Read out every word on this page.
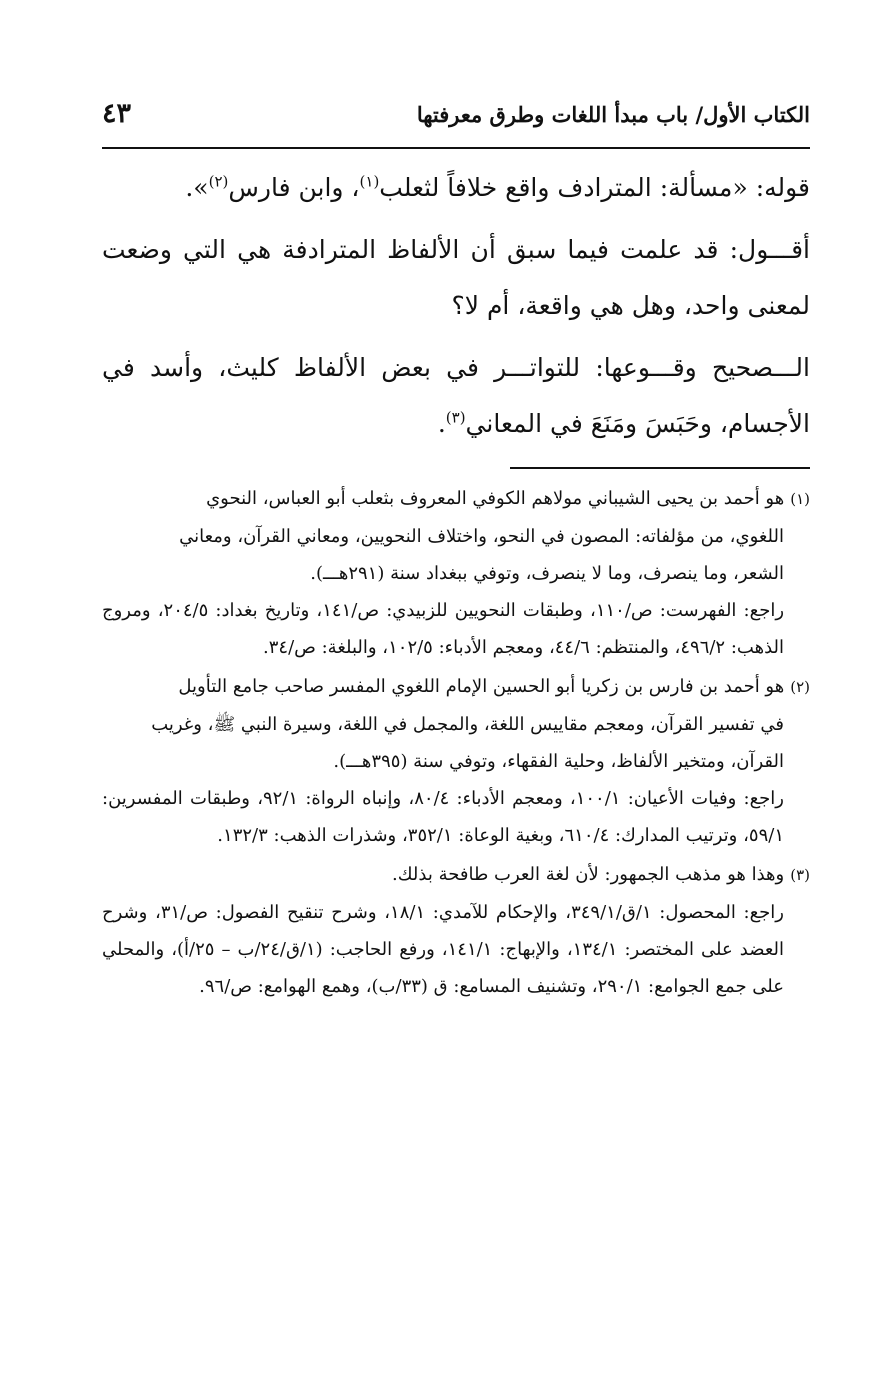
الكتاب الأول/ باب مبدأ اللغات وطرق معرفتها
٤٣

قوله: «مسألة: المترادف واقع خلافاً لثعلب$^{(١)}$، وابن فارس$^{(٢)}$».

أقـــول: قد علمت فيما سبق أن الألفاظ المترادفة هي التي وضعت لمعنى واحد، وهل هي واقعة، أم لا؟

الـــصحيح وقـــوعها: للتواتـــر في بعض الألفاظ كليث، وأسد في الأجسام، وحَبَسَ ومَنَعَ في المعاني$^{(٣)}$.

(١)هو أحمد بن يحيى الشيباني مولاهم الكوفي المعروف بثعلب أبو العباس، النحوي
اللغوي، من مؤلفاته: المصون في النحو، واختلاف النحويين، ومعاني القرآن، ومعاني
الشعر، وما ينصرف، وما لا ينصرف، وتوفي ببغداد سنة (٢٩١هـــ).
راجع: الفهرست: ص/١١٠، وطبقات النحويين للزبيدي: ص/١٤١، وتاريخ بغداد: ٢٠٤/٥، ومروج الذهب: ٤٩٦/٢، والمنتظم: ٤٤/٦، ومعجم الأدباء: ١٠٢/٥، والبلغة: ص/٣٤.
(٢)هو أحمد بن فارس بن زكريا أبو الحسين الإمام اللغوي المفسر صاحب جامع التأويل
في تفسير القرآن، ومعجم مقاييس اللغة، والمجمل في اللغة، وسيرة النبي ﷺ، وغريب
القرآن، ومتخير الألفاظ، وحلية الفقهاء، وتوفي سنة (٣٩٥هـــ).
راجع: وفيات الأعيان: ١٠٠/١، ومعجم الأدباء: ٨٠/٤، وإنباه الرواة: ٩٢/١، وطبقات المفسرين: ٥٩/١، وترتيب المدارك: ٦١٠/٤، وبغية الوعاة: ٣٥٢/١، وشذرات الذهب: ١٣٢/٣.
(٣)وهذا هو مذهب الجمهور: لأن لغة العرب طافحة بذلك.
راجع: المحصول: ١/ق/٣٤٩/١، والإحكام للآمدي: ١٨/١، وشرح تنقيح الفصول: ص/٣١، وشرح العضد على المختصر: ١٣٤/١، والإبهاج: ١٤١/١، ورفع الحاجب: (١/ق/٢٤/ب – ٢٥/أ)، والمحلي على جمع الجوامع: ٢٩٠/١، وتشنيف المسامع: ق (٣٣/ب)، وهمع الهوامع: ص/٩٦.
